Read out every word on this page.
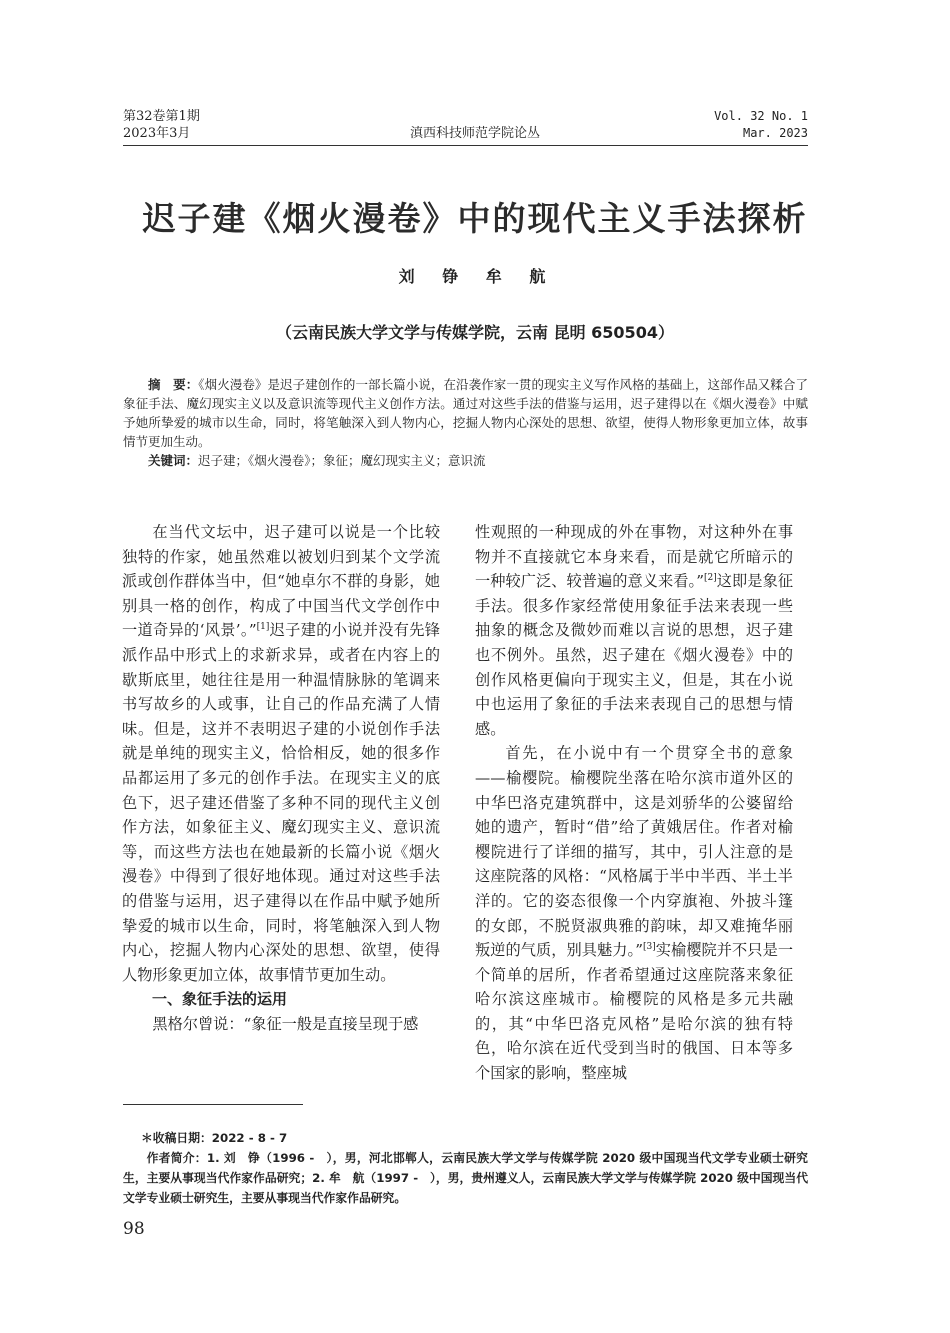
第32卷第1期
2023年3月	滇西科技师范学院论丛
Vol. 32 No. 1
Mar. 2023
迟子建《烟火漫卷》中的现代主义手法探析
刘 铮 牟 航
（云南民族大学文学与传媒学院，云南 昆明 650504）

摘　要：《烟火漫卷》是迟子建创作的一部长篇小说，在沿袭作家一贯的现实主义写作风格的基础上，这部作品又糅合了象征手法、魔幻现实主义以及意识流等现代主义创作方法。通过对这些手法的借鉴与运用，迟子建得以在《烟火漫卷》中赋予她所挚爱的城市以生命，同时，将笔触深入到人物内心，挖掘人物内心深处的思想、欲望，使得人物形象更加立体，故事情节更加生动。

关键词：迟子建；《烟火漫卷》；象征；魔幻现实主义；意识流

在当代文坛中，迟子建可以说是一个比较独特的作家，她虽然难以被划归到某个文学流派或创作群体当中，但“她卓尔不群的身影，她别具一格的创作，构成了中国当代文学创作中一道奇异的‘风景’。”[1]迟子建的小说并没有先锋派作品中形式上的求新求异，或者在内容上的歇斯底里，她往往是用一种温情脉脉的笔调来书写故乡的人或事，让自己的作品充满了人情味。但是，这并不表明迟子建的小说创作手法就是单纯的现实主义，恰恰相反，她的很多作品都运用了多元的创作手法。在现实主义的底色下，迟子建还借鉴了多种不同的现代主义创作方法，如象征主义、魔幻现实主义、意识流等，而这些方法也在她最新的长篇小说《烟火漫卷》中得到了很好地体现。通过对这些手法的借鉴与运用，迟子建得以在作品中赋予她所挚爱的城市以生命，同时，将笔触深入到人物内心，挖掘人物内心深处的思想、欲望，使得人物形象更加立体，故事情节更加生动。

一、象征手法的运用

黑格尔曾说：“象征一般是直接呈现于感

性观照的一种现成的外在事物，对这种外在事物并不直接就它本身来看，而是就它所暗示的一种较广泛、较普遍的意义来看。”[2]这即是象征手法。很多作家经常使用象征手法来表现一些抽象的概念及微妙而难以言说的思想，迟子建也不例外。虽然，迟子建在《烟火漫卷》中的创作风格更偏向于现实主义，但是，其在小说中也运用了象征的手法来表现自己的思想与情感。

首先，在小说中有一个贯穿全书的意象——榆樱院。榆樱院坐落在哈尔滨市道外区的中华巴洛克建筑群中，这是刘骄华的公婆留给她的遗产，暂时“借”给了黄娥居住。作者对榆樱院进行了详细的描写，其中，引人注意的是这座院落的风格：“风格属于半中半西、半土半洋的。它的姿态很像一个内穿旗袍、外披斗篷的女郎，不脱贤淑典雅的韵味，却又难掩华丽叛逆的气质，别具魅力。”[3]实榆樱院并不只是一个简单的居所，作者希望通过这座院落来象征哈尔滨这座城市。榆樱院的风格是多元共融的，其“中华巴洛克风格”是哈尔滨的独有特色，哈尔滨在近代受到当时的俄国、日本等多个国家的影响，整座城

＊收稿日期：2022 - 8 - 7

作者简介：1. 刘　铮（1996 -　），男，河北邯郸人，云南民族大学文学与传媒学院 2020 级中国现当代文学专业硕士研究生，主要从事现当代作家作品研究；2. 牟　航（1997 -　），男，贵州遵义人，云南民族大学文学与传媒学院 2020 级中国现当代文学专业硕士研究生，主要从事现当代作家作品研究。

98
